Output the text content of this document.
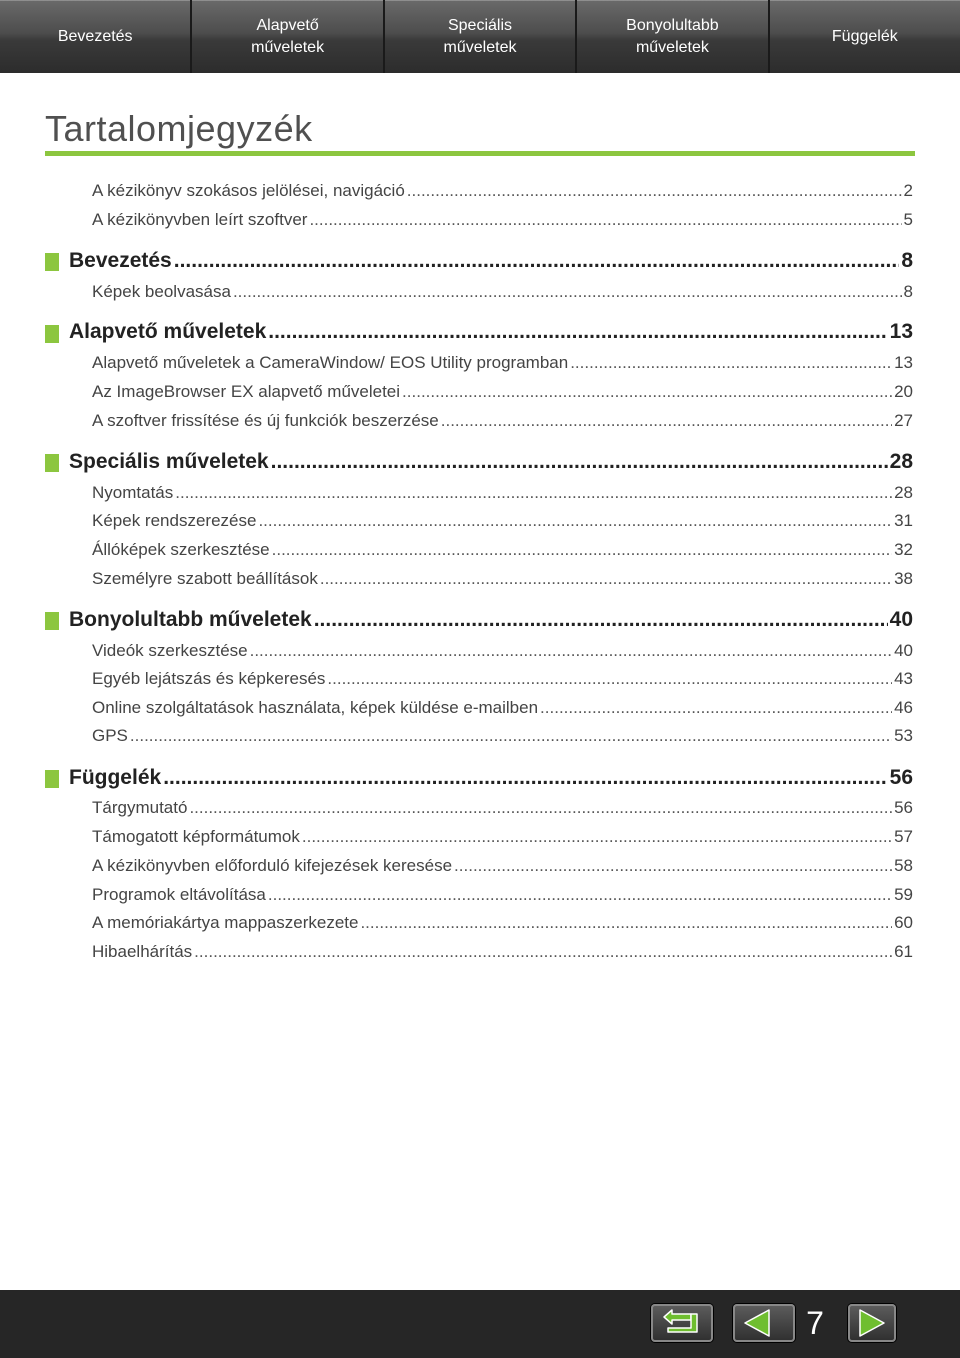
Bevezetés
Alapvető
műveletek
Speciális
műveletek
Bonyolultabb
műveletek
Függelék
Tartalomjegyzék
A kézikönyv szokásos jelölései, navigáció .....	2
A kézikönyvben leírt szoftver .....	5
Bevezetés .....	8
Képek beolvasása .....	8
Alapvető műveletek .....	13
Alapvető műveletek a CameraWindow/ EOS Utility programban .....	13
Az ImageBrowser EX alapvető műveletei .....	20
A szoftver frissítése és új funkciók beszerzése .....	27
Speciális műveletek .....	28
Nyomtatás .....	28
Képek rendszerezése .....	31
Állóképek szerkesztése .....	32
Személyre szabott beállítások .....	38
Bonyolultabb műveletek .....	40
Videók szerkesztése .....	40
Egyéb lejátszás és képkeresés .....	43
Online szolgáltatások használata, képek küldése e-mailben .....	46
GPS .....	53
Függelék .....	56
Tárgymutató .....	56
Támogatott képformátumok .....	57
A kézikönyvben előforduló kifejezések keresése .....	58
Programok eltávolítása .....	59
A memóriakártya mappaszerkezete .....	60
Hibaelhárítás .....	61
7
